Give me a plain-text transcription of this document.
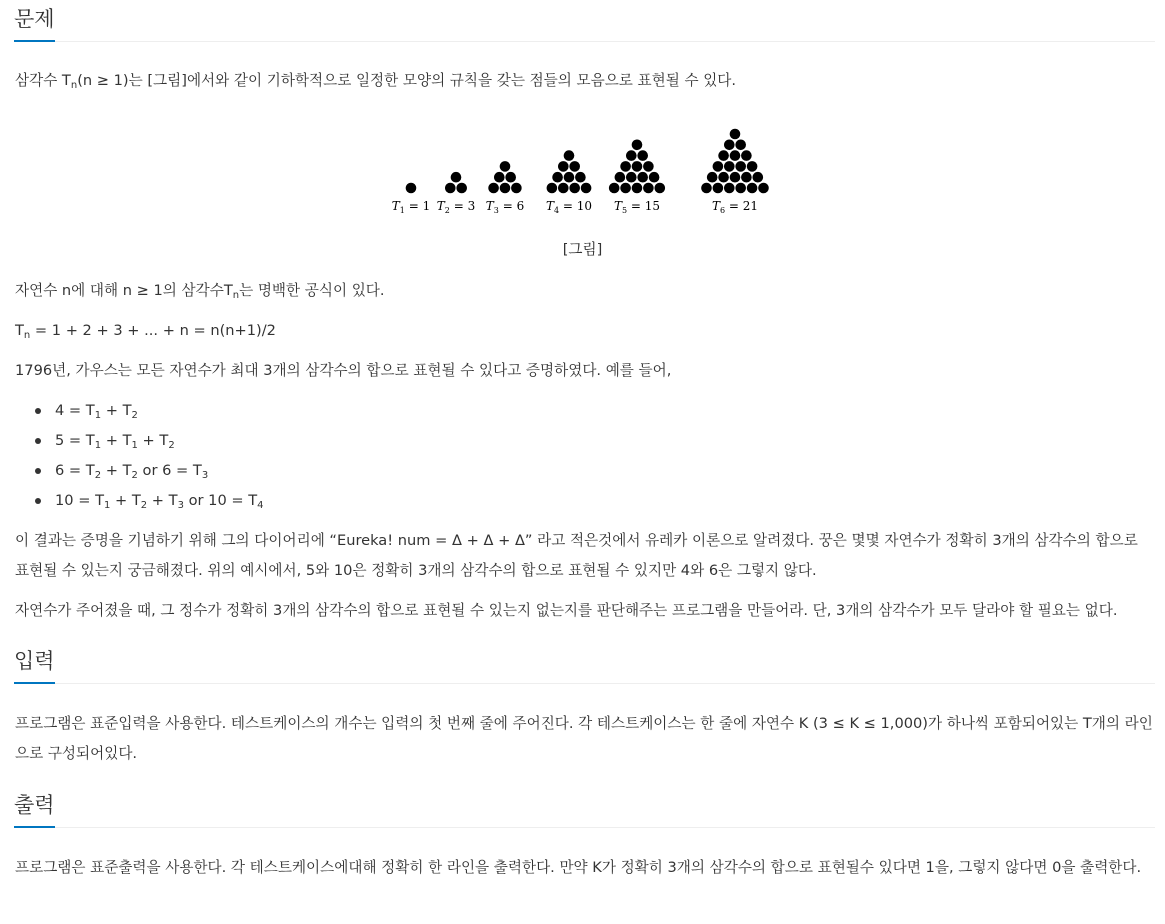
문제
삼각수 $T_n(n \ge 1)$는 [그림]에서와 같이 기하학적으로 일정한 모양의 규칙을 갖는 점들의 모음으로 표현될 수 있다.
$T_1 = 1$ $T_2 = 3$ $T_3 = 6$ $T_4 = 10$ $T_5 = 15$	$T_6 = 21$
[그림]
자연수 n에 대해 n ≥ 1의 삼각수$T_n$는 명백한 공식이 있다.
$T_n = 1 + 2 + 3$ + ... + n = n(n+1)/2
1796년, 가우스는 모든 자연수가 최대 3개의 삼각수의 합으로 표현될 수 있다고 증명하였다. 예를 들어,
$4 = T_1 + T_2$
$5 = T_1 + T_1 + T_2$
$6 = T_2 + T_2$ or $6 = T_3$
$10 = T_1 + T_2 + T_3$ or $10 = T_4$
이 결과는 증명을 기념하기 위해 그의 다이어리에 “Eureka! num = Δ + Δ + Δ” 라고 적은것에서 유레카 이론으로 알려졌다. 꿍은 몇몇 자연수가 정확히 3개의 삼각수의 합으로 표현될 수 있는지 궁금해졌다. 위의 예시에서, 5와 10은 정확히 3개의 삼각수의 합으로 표현될 수 있지만 4와 6은 그렇지 않다.
자연수가 주어졌을 때, 그 정수가 정확히 3개의 삼각수의 합으로 표현될 수 있는지 없는지를 판단해주는 프로그램을 만들어라. 단, 3개의 삼각수가 모두 달라야 할 필요는 없다.
입력
프로그램은 표준입력을 사용한다. 테스트케이스의 개수는 입력의 첫 번째 줄에 주어진다. 각 테스트케이스는 한 줄에 자연수 K (3 ≤ K ≤ 1,000)가 하나씩 포함되어있는 T개의 라인으로 구성되어있다.
출력
프로그램은 표준출력을 사용한다. 각 테스트케이스에대해 정확히 한 라인을 출력한다. 만약 K가 정확히 3개의 삼각수의 합으로 표현될수 있다면 1을, 그렇지 않다면 0을 출력한다.
